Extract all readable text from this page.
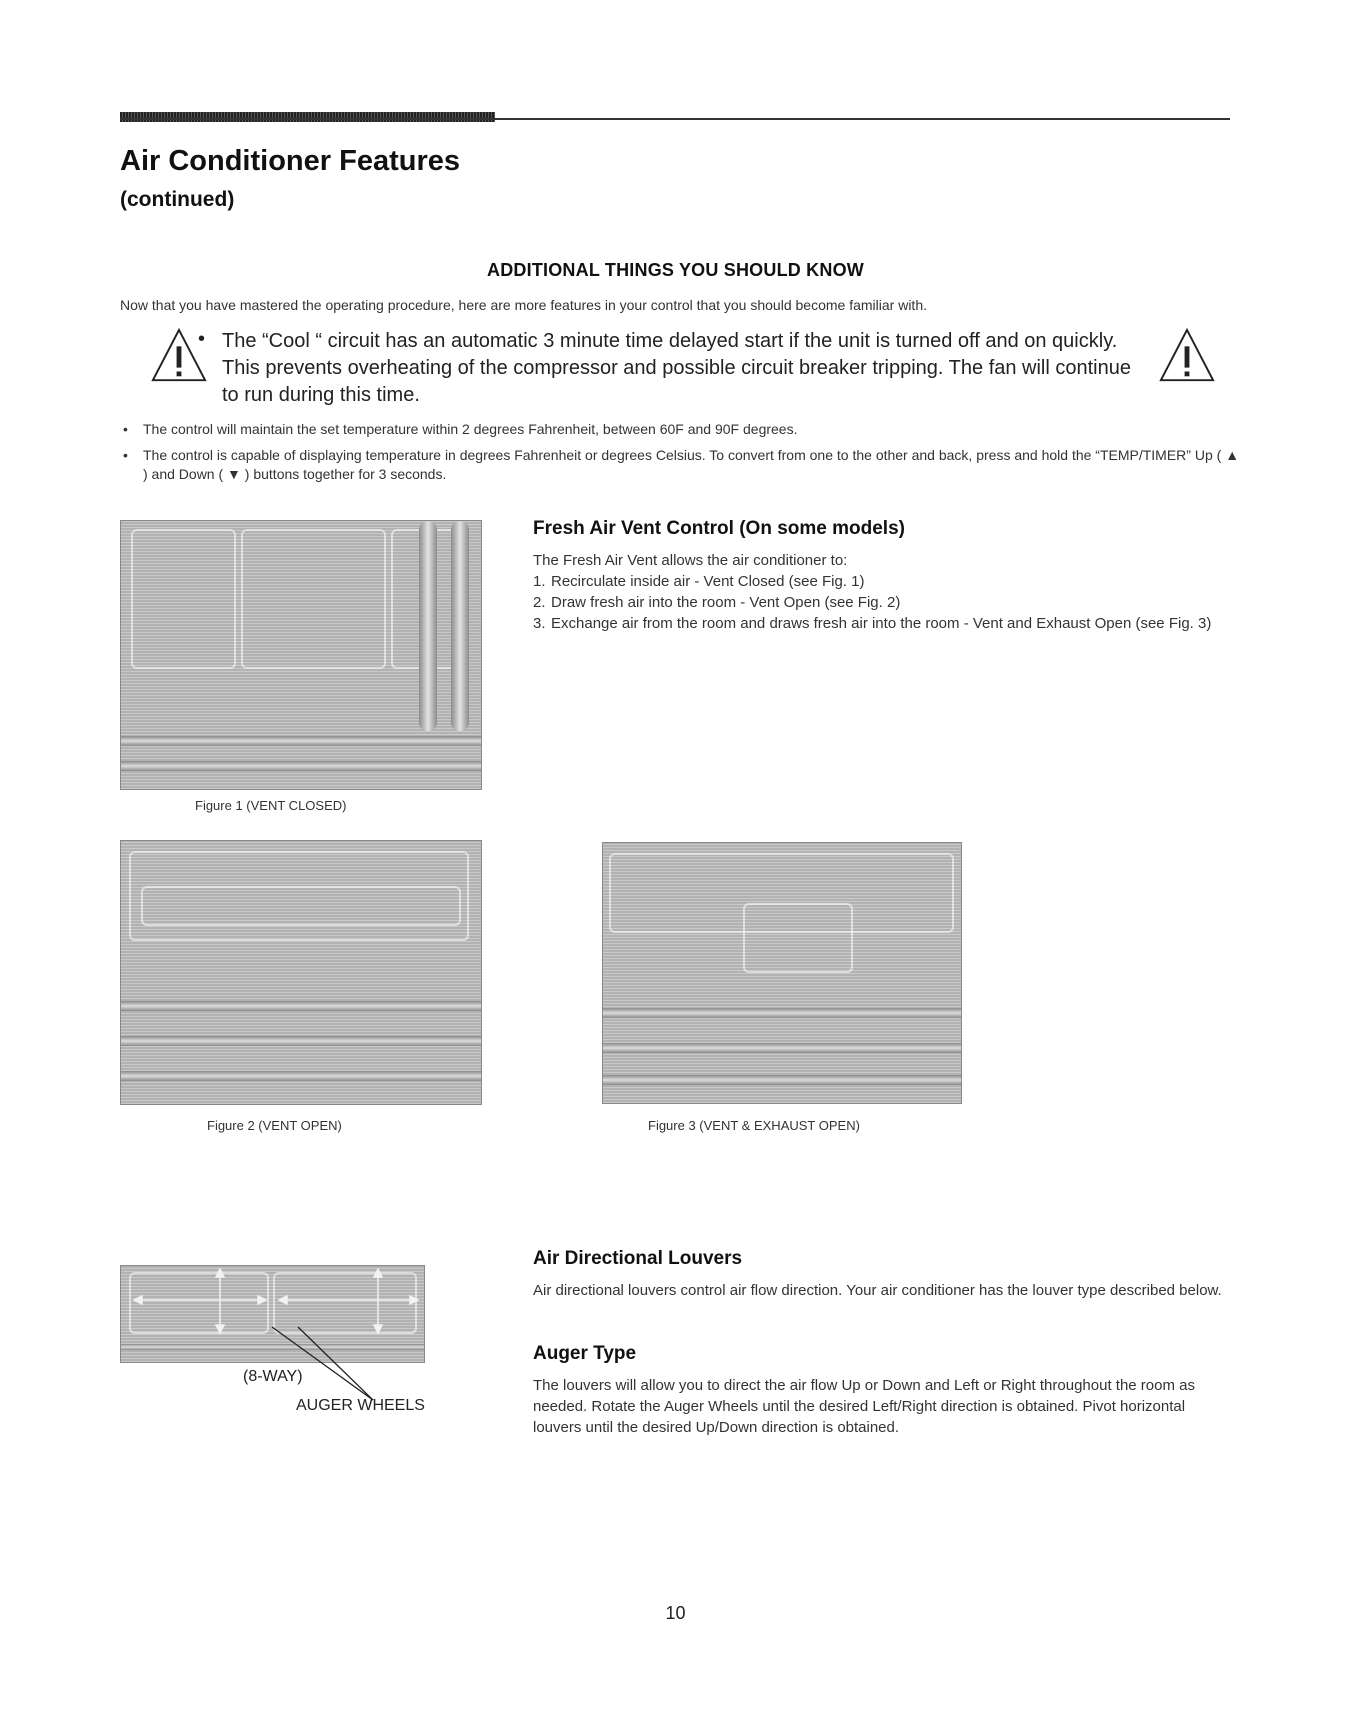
Air Conditioner Features
(continued)
ADDITIONAL THINGS YOU SHOULD KNOW

Now that you have mastered the operating procedure, here are more features in your control that you should become familiar with.

• The “Cool “ circuit has an automatic 3 minute time delayed start if the unit is turned off and on quickly. This prevents overheating of the compressor and possible circuit breaker tripping. The fan will continue to run during this time.

•	The control will maintain the set temperature within 2 degrees Fahrenheit, between 60F and 90F degrees.
•	The control is capable of displaying temperature in degrees Fahrenheit or degrees Celsius. To convert from one to the other and back, press and hold the “TEMP/TIMER” Up ( ▲ ) and Down ( ▼ ) buttons together for 3 seconds.
Figure 1 (VENT CLOSED)
Fresh Air Vent Control (On some models)

The Fresh Air Vent allows the air conditioner to:

1. Recirculate inside air - Vent Closed (see Fig. 1)
2. Draw fresh air into the room - Vent Open (see Fig. 2)
3. Exchange air from the room and draws fresh air into the room - Vent and Exhaust Open (see Fig. 3)
Figure 2 (VENT OPEN)	Figure 3 (VENT & EXHAUST OPEN)
(8-WAY)
AUGER WHEELS
Air Directional Louvers

Air directional louvers control air flow direction. Your air conditioner has the louver type described below.

Auger Type

The louvers will allow you to direct the air flow Up or Down and Left or Right throughout the room as needed. Rotate the Auger Wheels until the desired Left/Right direction is obtained. Pivot horizontal louvers until the desired Up/Down direction is obtained.

10
